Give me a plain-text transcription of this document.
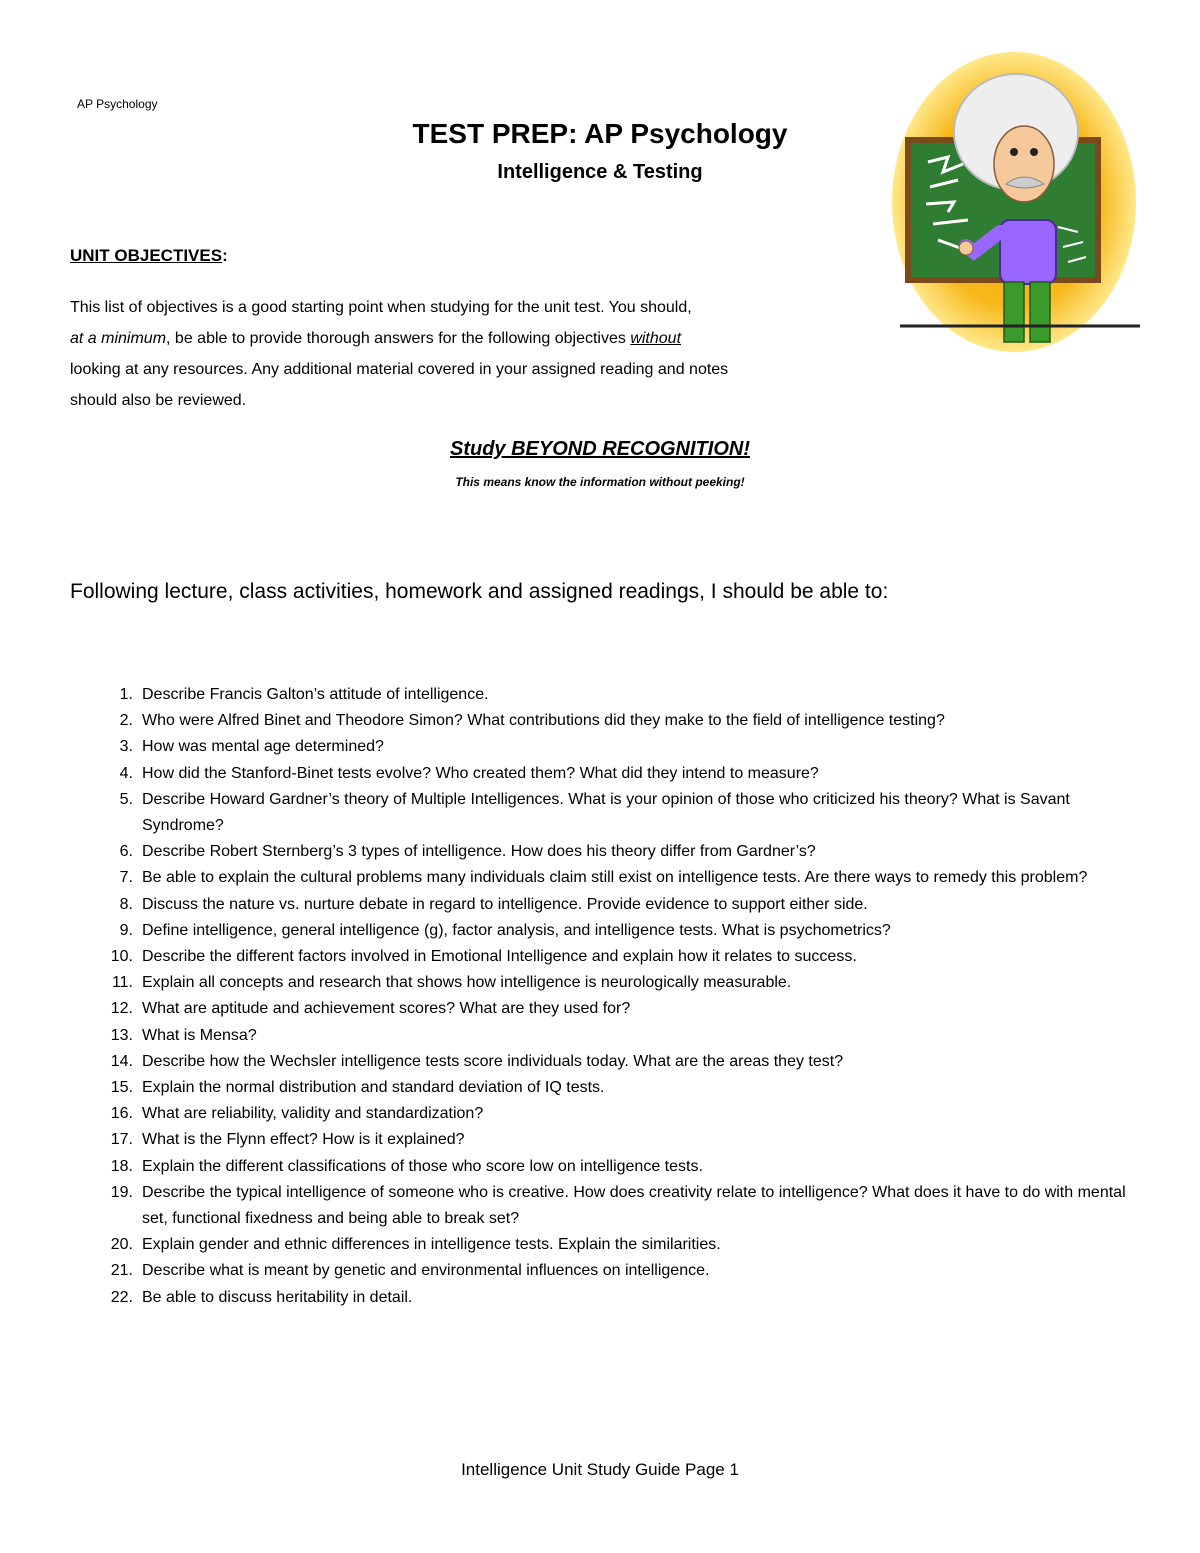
AP Psychology
TEST PREP: AP Psychology
Intelligence & Testing
UNIT OBJECTIVES:
This list of objectives is a good starting point when studying for the unit test. You should,
at a minimum, be able to provide thorough answers for the following objectives without
looking at any resources. Any additional material covered in your assigned reading and notes
should also be reviewed.
Study BEYOND RECOGNITION!
This means know the information without peeking!
Following lecture, class activities, homework and assigned readings, I should be able to:
1. Describe Francis Galton’s attitude of intelligence.
2. Who were Alfred Binet and Theodore Simon? What contributions did they make to the field of intelligence testing?
3. How was mental age determined?
4. How did the Stanford-Binet tests evolve? Who created them? What did they intend to measure?
5. Describe Howard Gardner’s theory of Multiple Intelligences. What is your opinion of those who criticized his theory? What is Savant Syndrome?
6. Describe Robert Sternberg’s 3 types of intelligence. How does his theory differ from Gardner’s?
7. Be able to explain the cultural problems many individuals claim still exist on intelligence tests. Are there ways to remedy this problem?
8. Discuss the nature vs. nurture debate in regard to intelligence. Provide evidence to support either side.
9. Define intelligence, general intelligence (g), factor analysis, and intelligence tests. What is psychometrics?
10. Describe the different factors involved in Emotional Intelligence and explain how it relates to success.
11. Explain all concepts and research that shows how intelligence is neurologically measurable.
12. What are aptitude and achievement scores? What are they used for?
13. What is Mensa?
14. Describe how the Wechsler intelligence tests score individuals today. What are the areas they test?
15. Explain the normal distribution and standard deviation of IQ tests.
16. What are reliability, validity and standardization?
17. What is the Flynn effect? How is it explained?
18. Explain the different classifications of those who score low on intelligence tests.
19. Describe the typical intelligence of someone who is creative. How does creativity relate to intelligence? What does it have to do with mental set, functional fixedness and being able to break set?
20. Explain gender and ethnic differences in intelligence tests. Explain the similarities.
21. Describe what is meant by genetic and environmental influences on intelligence.
22. Be able to discuss heritability in detail.
Intelligence Unit Study Guide Page 1
